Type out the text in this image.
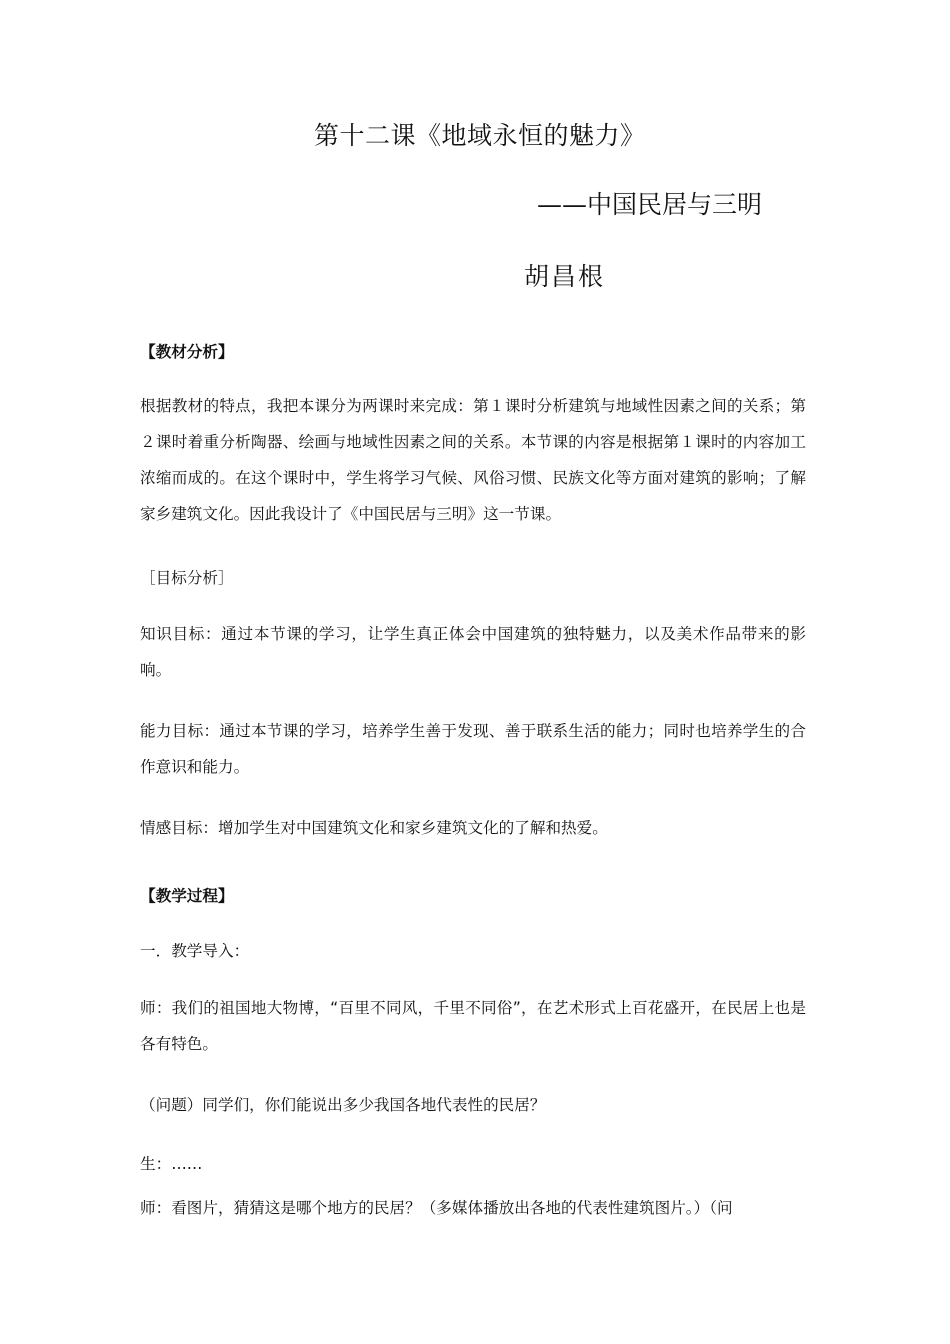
第十二课《地域永恒的魅力》
——中国民居与三明
胡昌根
【教材分析】

根据教材的特点，我把本课分为两课时来完成：第１课时分析建筑与地域性因素之间的关系；第２课时着重分析陶器、绘画与地域性因素之间的关系。本节课的内容是根据第１课时的内容加工浓缩而成的。在这个课时中，学生将学习气候、风俗习惯、民族文化等方面对建筑的影响；了解家乡建筑文化。因此我设计了《中国民居与三明》这一节课。

［目标分析］

知识目标：通过本节课的学习，让学生真正体会中国建筑的独特魅力，以及美术作品带来的影响。

能力目标：通过本节课的学习，培养学生善于发现、善于联系生活的能力；同时也培养学生的合作意识和能力。

情感目标：增加学生对中国建筑文化和家乡建筑文化的了解和热爱。

【教学过程】
一．教学导入：

师：我们的祖国地大物博，“百里不同风，千里不同俗”，在艺术形式上百花盛开，在民居上也是各有特色。

（问题）同学们，你们能说出多少我国各地代表性的民居？
生：……

师：看图片，猜猜这是哪个地方的民居？（多媒体播放出各地的代表性建筑图片。）（问
